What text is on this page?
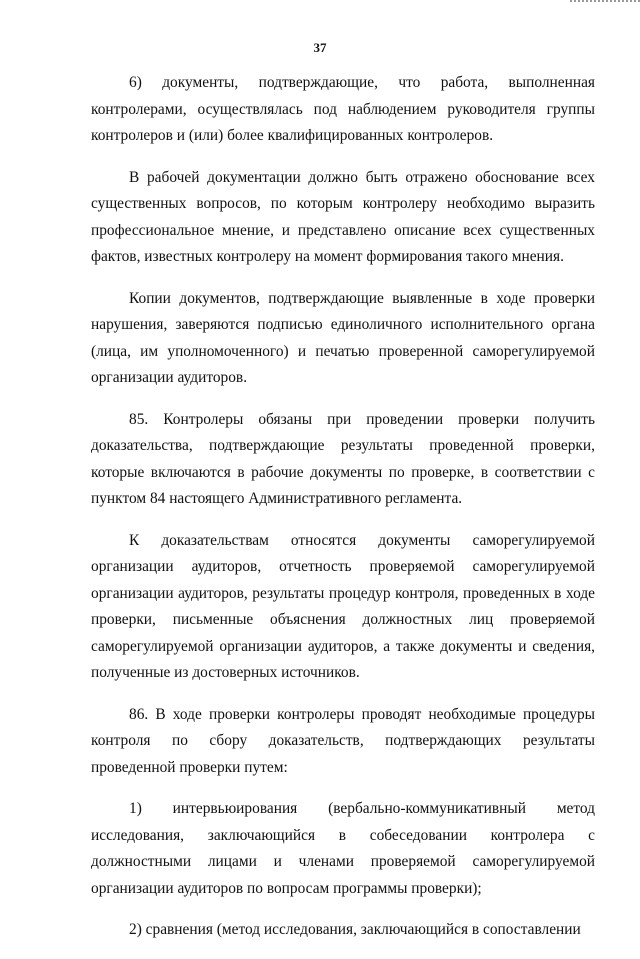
37

6) документы, подтверждающие, что работа, выполненная контролерами, осуществлялась под наблюдением руководителя группы контролеров и (или) более квалифицированных контролеров.

В рабочей документации должно быть отражено обоснование всех существенных вопросов, по которым контролеру необходимо выразить профессиональное мнение, и представлено описание всех существенных фактов, известных контролеру на момент формирования такого мнения.

Копии документов, подтверждающие выявленные в ходе проверки нарушения, заверяются подписью единоличного исполнительного органа (лица, им уполномоченного) и печатью проверенной саморегулируемой организации аудиторов.

85. Контролеры обязаны при проведении проверки получить доказательства, подтверждающие результаты проведенной проверки, которые включаются в рабочие документы по проверке, в соответствии с пунктом 84 настоящего Административного регламента.

К доказательствам относятся документы саморегулируемой организации аудиторов, отчетность проверяемой саморегулируемой организации аудиторов, результаты процедур контроля, проведенных в ходе проверки, письменные объяснения должностных лиц проверяемой саморегулируемой организации аудиторов, а также документы и сведения, полученные из достоверных источников.

86. В ходе проверки контролеры проводят необходимые процедуры контроля по сбору доказательств, подтверждающих результаты проведенной проверки путем:

1) интервьюирования (вербально-коммуникативный метод исследования, заключающийся в собеседовании контролера с должностными лицами и членами проверяемой саморегулируемой организации аудиторов по вопросам программы проверки);

2) сравнения (метод исследования, заключающийся в сопоставлении
